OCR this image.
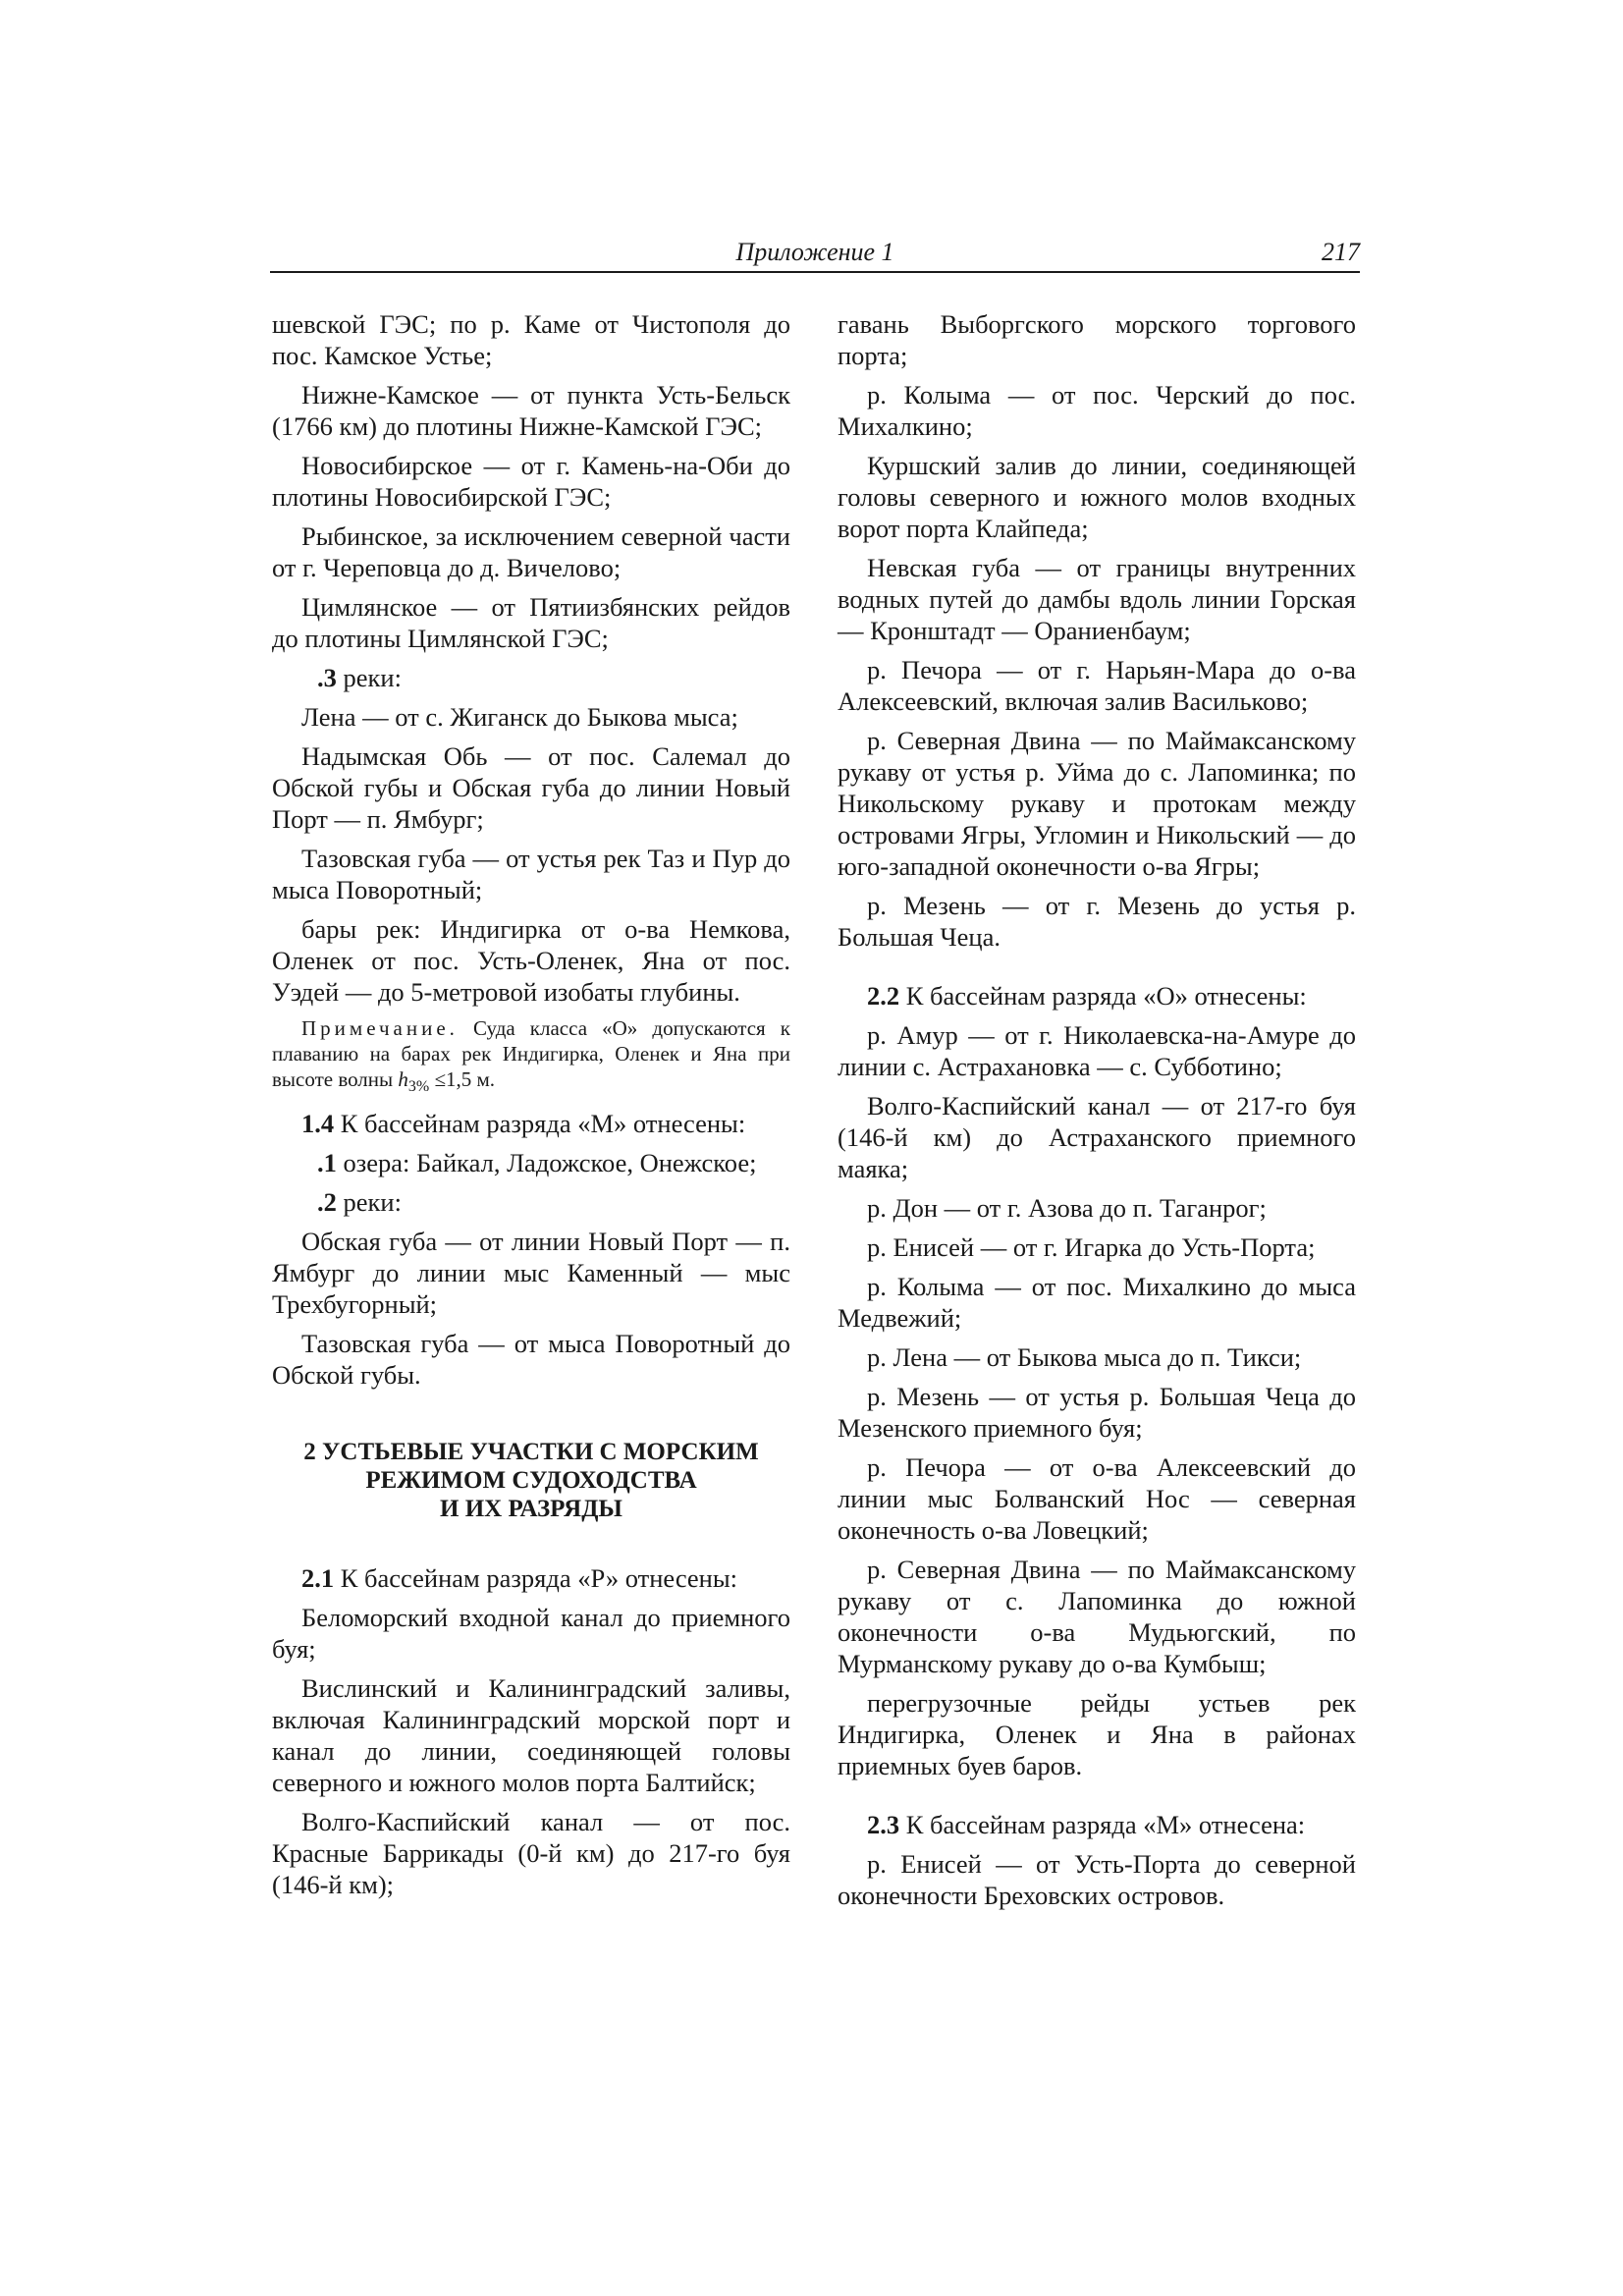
Приложение 1	217

шевской ГЭС; по р. Каме от Чистополя до пос. Камское Устье;

Нижне-Камское — от пункта Усть-Бельск (1766 км) до плотины Нижне-Камской ГЭС;

Новосибирское — от г. Камень-на-Оби до плотины Новосибирской ГЭС;

Рыбинское, за исключением северной части от г. Череповца до д. Вичелово;

Цимлянское — от Пятиизбянских рейдов до плотины Цимлянской ГЭС;

.3 реки:

Лена — от с. Жиганск до Быкова мыса;

Надымская Обь — от пос. Салемал до Обской губы и Обская губа до линии Новый Порт — п. Ямбург;

Тазовская губа — от устья рек Таз и Пур до мыса Поворотный;

бары рек: Индигирка от о-ва Немкова, Оленек от пос. Усть-Оленек, Яна от пос. Уэдей — до 5-метровой изобаты глубины.

Примечание. Суда класса «О» допускаются к плаванию на барах рек Индигирка, Оленек и Яна при высоте волны $h_{3\%} \le 1,5$ м.

1.4 К бассейнам разряда «М» отнесены:

.1 озера: Байкал, Ладожское, Онежское;

.2 реки:

Обская губа — от линии Новый Порт — п. Ямбург до линии мыс Каменный — мыс Трехбугорный;

Тазовская губа — от мыса Поворотный до Обской губы.

2 УСТЬЕВЫЕ УЧАСТКИ С МОРСКИМ
РЕЖИМОМ СУДОХОДСТВА
И ИХ РАЗРЯДЫ

2.1 К бассейнам разряда «Р» отнесены:

Беломорский входной канал до приемного буя;

Вислинский и Калининградский заливы, включая Калининградский морской порт и канал до линии, соединяющей головы северного и южного молов порта Балтийск;

Волго-Каспийский канал — от пос. Красные Баррикады (0-й км) до 217-го буя (146-й км);

гавань Выборгского морского торгового порта;

р. Колыма — от пос. Черский до пос. Михалкино;

Куршский залив до линии, соединяющей головы северного и южного молов входных ворот порта Клайпеда;

Невская губа — от границы внутренних водных путей до дамбы вдоль линии Горская — Кронштадт — Ораниенбаум;

р. Печора — от г. Нарьян-Мара до о-ва Алексеевский, включая залив Васильково;

р. Северная Двина — по Маймаксанскому рукаву от устья р. Уйма до с. Лапоминка; по Никольскому рукаву и протокам между островами Ягры, Угломин и Никольский — до юго-западной оконечности о-ва Ягры;

р. Мезень — от г. Мезень до устья р. Большая Чеца.

2.2 К бассейнам разряда «О» отнесены:

р. Амур — от г. Николаевска-на-Амуре до линии с. Астрахановка — с. Субботино;

Волго-Каспийский канал — от 217-го буя (146-й км) до Астраханского приемного маяка;

р. Дон — от г. Азова до п. Таганрог;

р. Енисей — от г. Игарка до Усть-Порта;

р. Колыма — от пос. Михалкино до мыса Медвежий;

р. Лена — от Быкова мыса до п. Тикси;

р. Мезень — от устья р. Большая Чеца до Мезенского приемного буя;

р. Печора — от о-ва Алексеевский до линии мыс Болванский Нос — северная оконечность о-ва Ловецкий;

р. Северная Двина — по Маймаксанскому рукаву от с. Лапоминка до южной оконечности о-ва Мудьюгский, по Мурманскому рукаву до о-ва Кумбыш;

перегрузочные рейды устьев рек Индигирка, Оленек и Яна в районах приемных буев баров.

2.3 К бассейнам разряда «М» отнесена:

р. Енисей — от Усть-Порта до северной оконечности Бреховских островов.
